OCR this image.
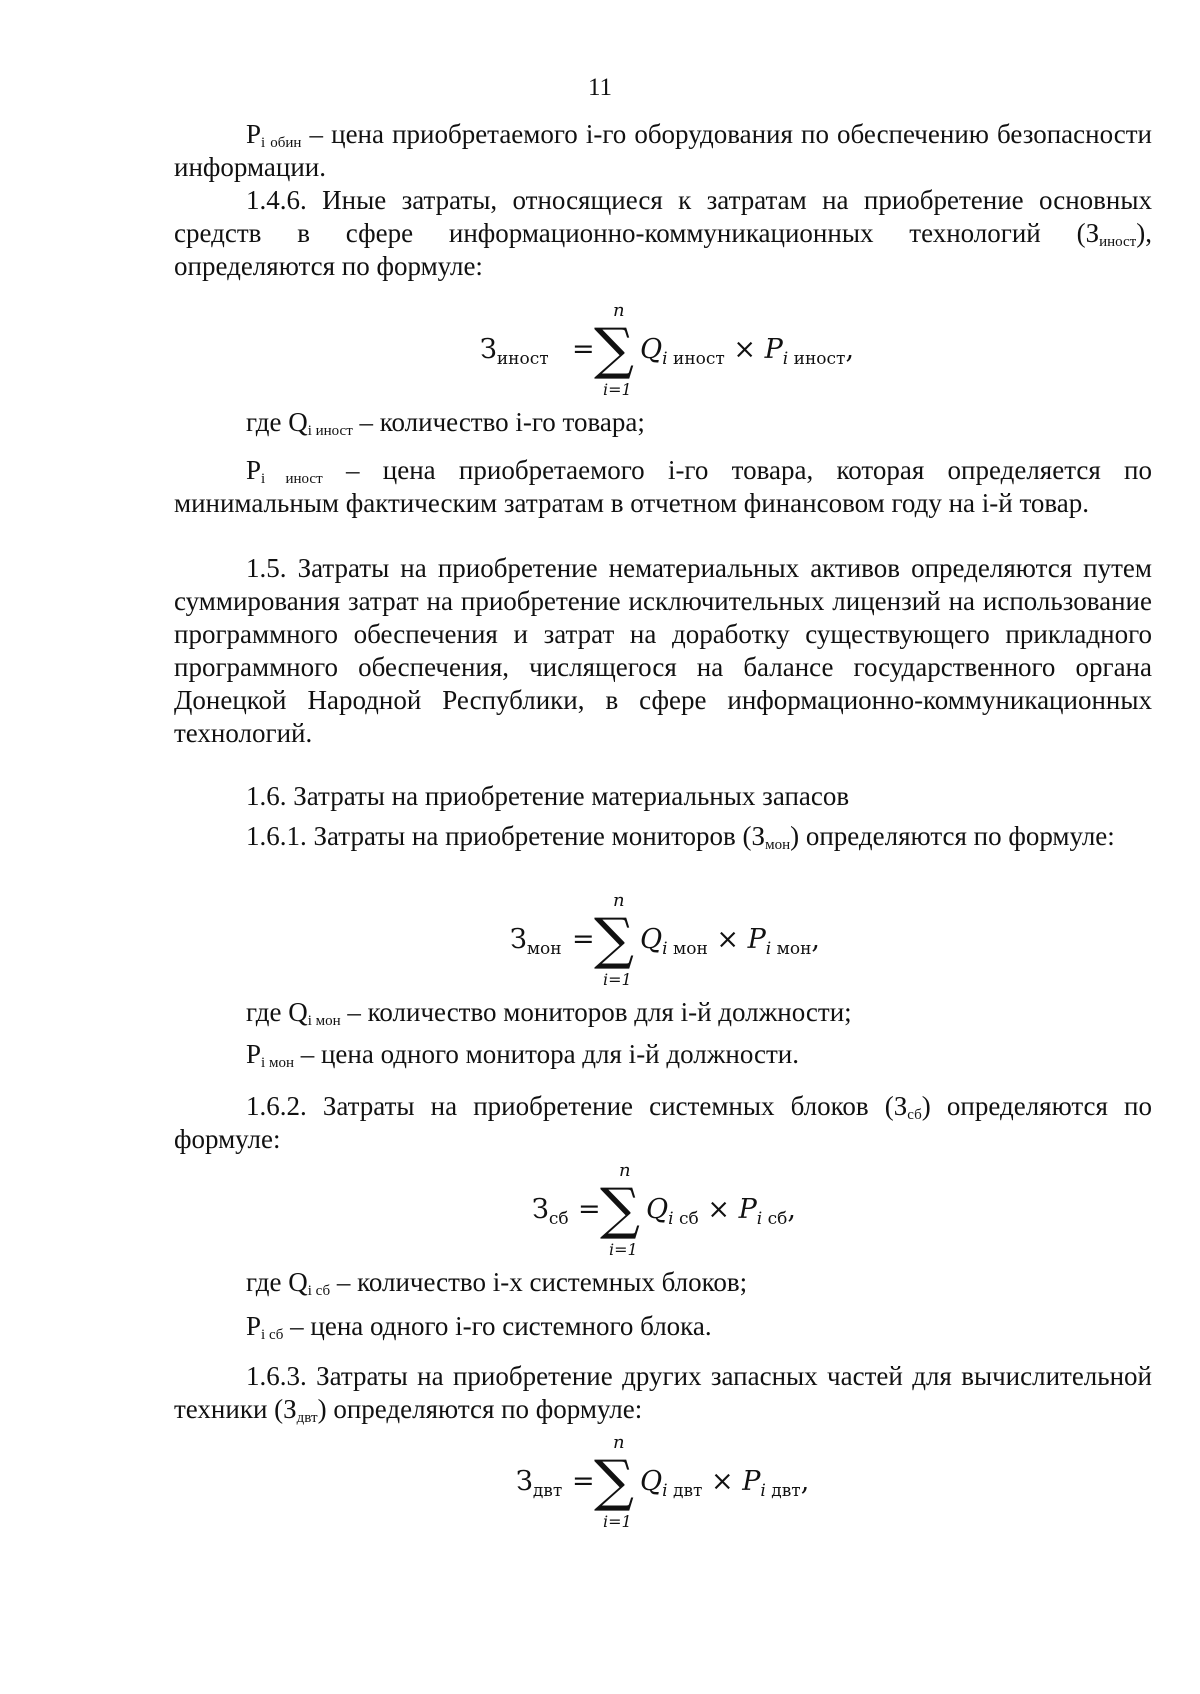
11
$P_{i обин}$ – цена приобретаемого i-го оборудования по обеспечению безопасности информации.
1.4.6. Иные затраты, относящиеся к затратам на приобретение основных средств в сфере информационно-коммуникационных технологий $(З_{иност})$, определяются по формуле:
$З_{иност}$ =
n
∑
i=1
$Q_{i иност} \times P_{i иност}$,
где $Q_{i иност}$ – количество i-го товара;
$P_{i иност}$ – цена приобретаемого i-го товара, которая определяется по минимальным фактическим затратам в отчетном финансовом году на i-й товар.
1.5. Затраты на приобретение нематериальных активов определяются путем суммирования затрат на приобретение исключительных лицензий на использование программного обеспечения и затрат на доработку существующего прикладного программного обеспечения, числящегося на балансе государственного органа Донецкой Народной Республики, в сфере информационно-коммуникационных технологий.
1.6. Затраты на приобретение материальных запасов
1.6.1. Затраты на приобретение мониторов $(З_{мон})$ определяются по формуле:
$З_{мон}$ =
n
∑
i=1
$Q_{i мон} \times P_{i мон}$,
где $Q_{i мон}$ – количество мониторов для i-й должности;
$P_{i мон}$ – цена одного монитора для i-й должности.
1.6.2. Затраты на приобретение системных блоков $(З_{сб})$ определяются по формуле:
$З_{сб}$ =
n
∑
i=1
$Q_{i сб} \times P_{i сб}$,
где $Q_{i сб}$ – количество i-х системных блоков;
$P_{i сб}$ – цена одного i-го системного блока.
1.6.3. Затраты на приобретение других запасных частей для вычислительной техники $(З_{двт})$ определяются по формуле:
$З_{двт}$ =
n
∑
i=1
$Q_{i двт} \times P_{i двт}$,
